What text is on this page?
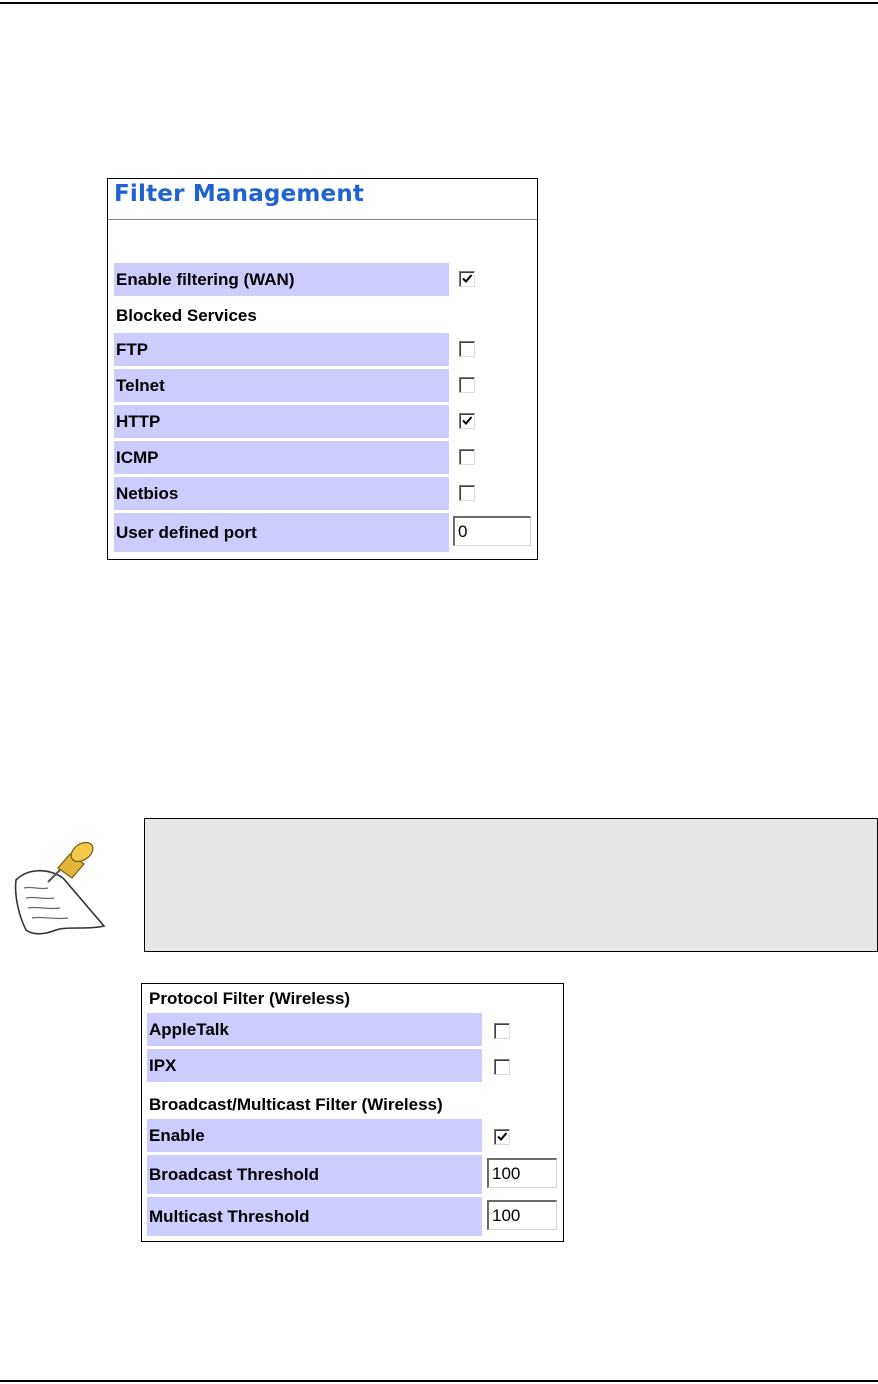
Filter Management
Enable filtering (WAN)
Blocked Services
FTP
Telnet
HTTP
ICMP
Netbios
User defined port	0
Protocol Filter (Wireless)
AppleTalk
IPX
Broadcast/Multicast Filter (Wireless)
Enable
Broadcast Threshold	100
Multicast Threshold	100
